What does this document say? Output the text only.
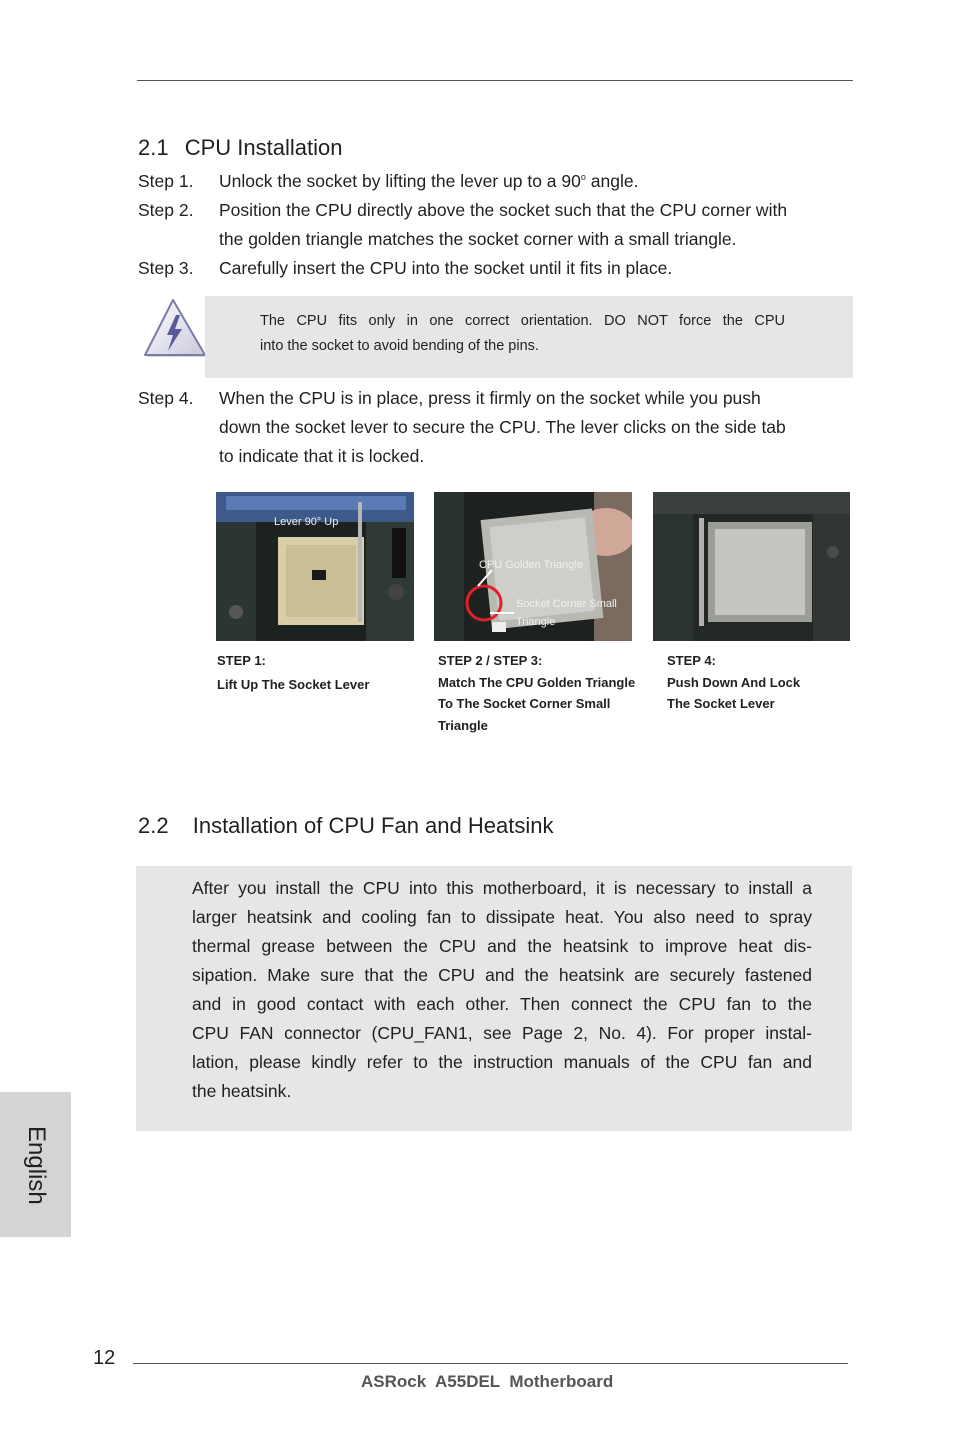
2.1 CPU Installation
Step 1. Unlock the socket by lifting the lever up to a 90$^o$ angle.
Step 2. Position the CPU directly above the socket such that the CPU corner with
the golden triangle matches the socket corner with a small triangle.
Step 3. Carefully insert the CPU into the socket until it fits in place.
The CPU fits only in one correct orientation. DO NOT force the CPU
into the socket to avoid bending of the pins.
Step 4. When the CPU is in place, press it firmly on the socket while you push
down the socket lever to secure the CPU. The lever clicks on the side tab
to indicate that it is locked.
Lever 90° Up
STEP 1:
Lift Up The Socket Lever
CPU Golden Triangle
Socket Corner Small
Triangle
STEP 2 / STEP 3:
Match The CPU Golden Triangle
To The Socket Corner Small
Triangle
STEP 4:
Push Down And Lock
The Socket Lever
2.2 Installation of CPU Fan and Heatsink
After you install the CPU into this motherboard, it is necessary to install a
larger heatsink and cooling fan to dissipate heat. You also need to spray
thermal grease between the CPU and the heatsink to improve heat dis-
sipation. Make sure that the CPU and the heatsink are securely fastened
and in good contact with each other. Then connect the CPU fan to the
CPU FAN connector (CPU_FAN1, see Page 2, No. 4). For proper instal-
lation, please kindly refer to the instruction manuals of the CPU fan and
the heatsink.
English
12
ASRock  A55DEL  Motherboard
